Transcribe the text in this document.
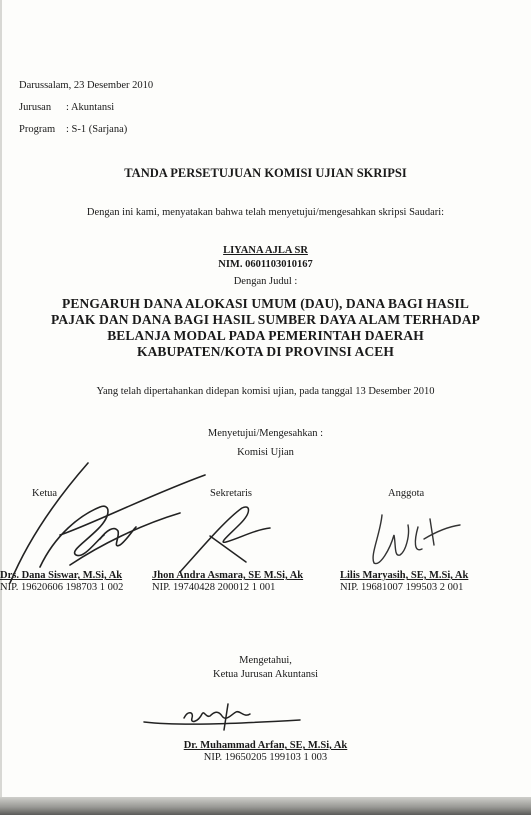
Darussalam, 23 Desember 2010
Jurusan : Akuntansi
Program : S-1 (Sarjana)
TANDA PERSETUJUAN KOMISI UJIAN SKRIPSI
Dengan ini kami, menyatakan bahwa telah menyetujui/mengesahkan skripsi Saudari:
LIYANA AJLA SR
NIM. 0601103010167
Dengan Judul :
PENGARUH DANA ALOKASI UMUM (DAU), DANA BAGI HASIL
PAJAK DAN DANA BAGI HASIL SUMBER DAYA ALAM TERHADAP
BELANJA MODAL PADA PEMERINTAH DAERAH
KABUPATEN/KOTA DI PROVINSI ACEH
Yang telah dipertahankan didepan komisi ujian, pada tanggal 13 Desember 2010
Menyetujui/Mengesahkan :
Komisi Ujian
Ketua	Sekretaris	Anggota
Drs. Dana Siswar, M.Si, Ak
NIP. 19620606 198703 1 002
Jhon Andra Asmara, SE M.Si, Ak
NIP. 19740428 200012 1 001
Lilis Maryasih, SE, M.Si, Ak
NIP. 19681007 199503 2 001
Mengetahui,
Ketua Jurusan Akuntansi
Dr. Muhammad Arfan, SE, M.Si, Ak
NIP. 19650205 199103 1 003
